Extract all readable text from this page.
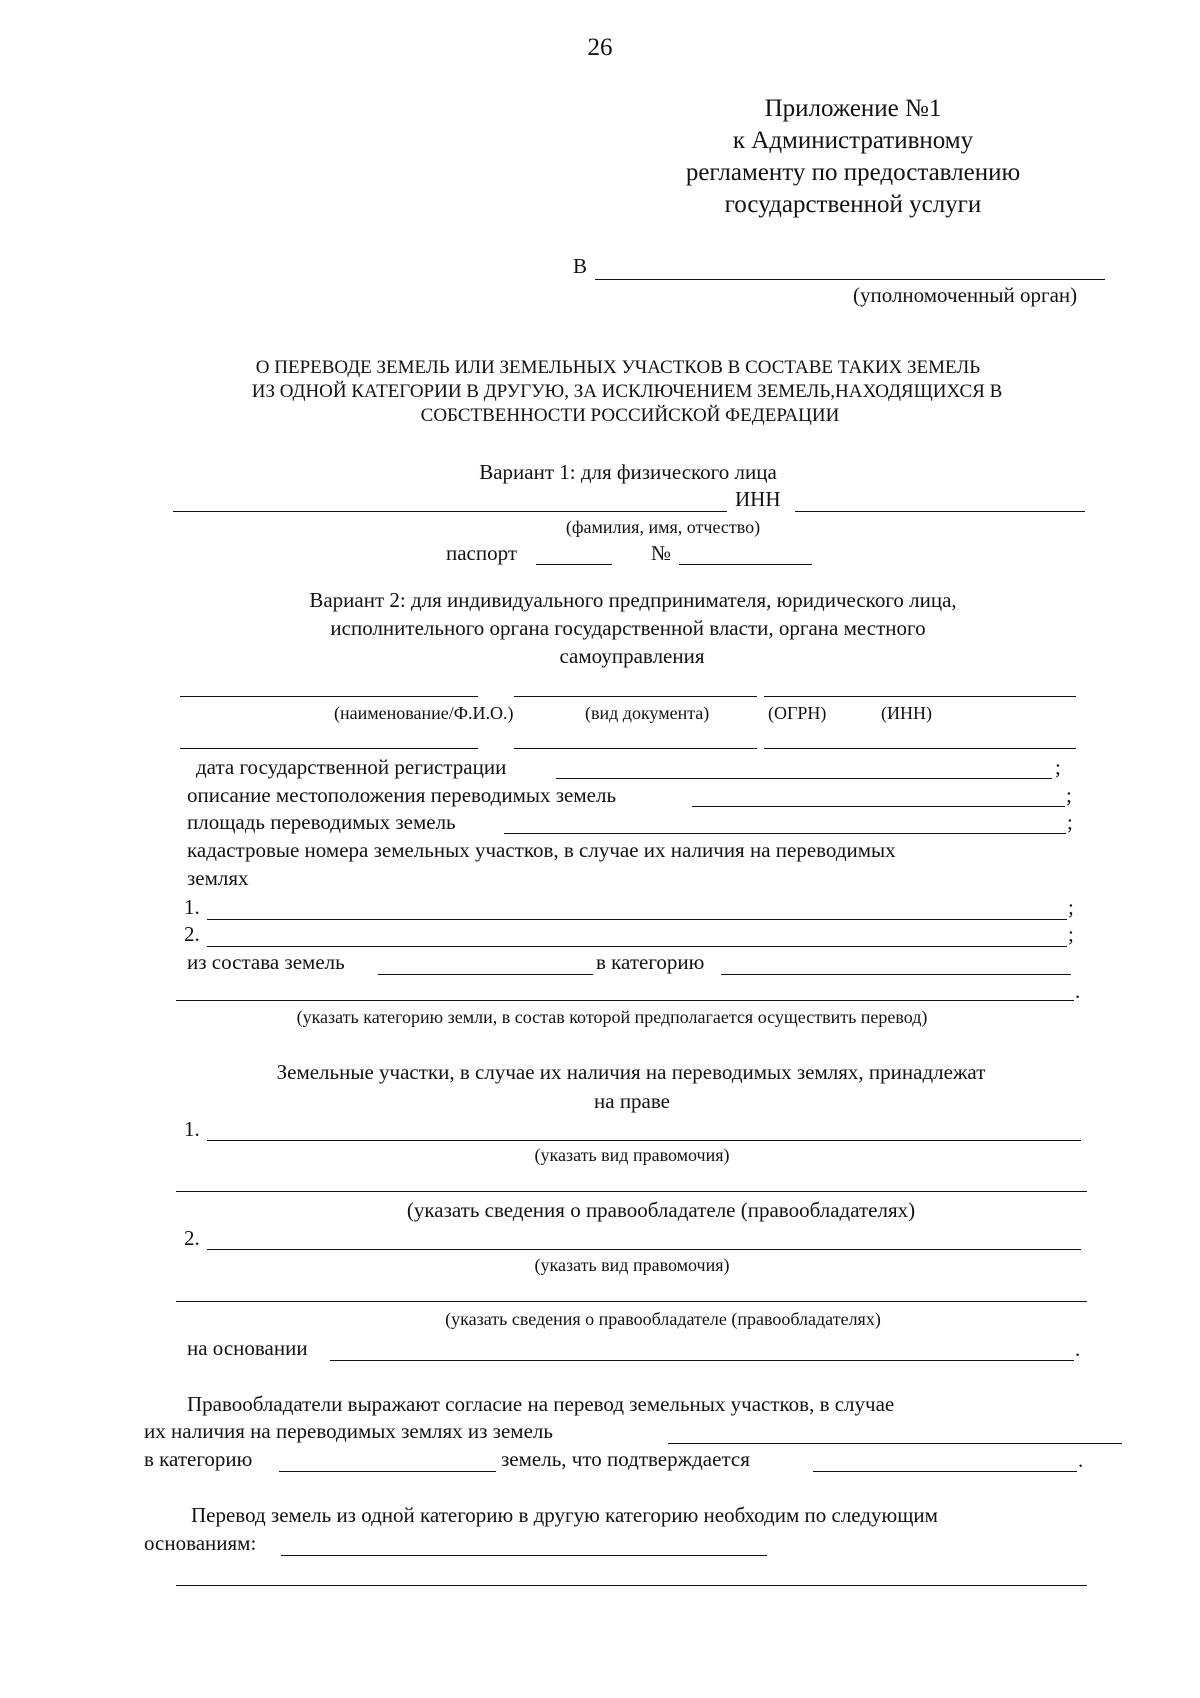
26
Приложение №1
к Административному
регламенту по предоставлению
государственной услуги
В
(уполномоченный орган)
О ПЕРЕВОДЕ ЗЕМЕЛЬ ИЛИ ЗЕМЕЛЬНЫХ УЧАСТКОВ В СОСТАВЕ ТАКИХ ЗЕМЕЛЬ
ИЗ ОДНОЙ КАТЕГОРИИ В ДРУГУЮ, ЗА ИСКЛЮЧЕНИЕМ ЗЕМЕЛЬ,НАХОДЯЩИХСЯ В
СОБСТВЕННОСТИ РОССИЙСКОЙ ФЕДЕРАЦИИ
Вариант 1: для физического лица
ИНН
(фамилия, имя, отчество)
паспорт	№
Вариант 2: для индивидуального предпринимателя, юридического лица,
исполнительного органа государственной власти, органа местного
самоуправления
(наименование/Ф.И.О.)	(вид документа)	(ОГРН)	(ИНН)
дата государственной регистрации	;
описание местоположения переводимых земель	;
площадь переводимых земель	;
кадастровые номера земельных участков, в случае их наличия на переводимых
землях
1.	;
2.	;
из состава земель	в категорию
.
(указать категорию земли, в состав которой предполагается осуществить перевод)
Земельные участки, в случае их наличия на переводимых землях, принадлежат
на праве
1.
(указать вид правомочия)
(указать сведения о правообладателе (правообладателях)
2.
(указать вид правомочия)
(указать сведения о правообладателе (правообладателях)
на основании	.
Правообладатели выражают согласие на перевод земельных участков, в случае
их наличия на переводимых землях из земель
в категорию	земель, что подтверждается	.
Перевод земель из одной категорию в другую категорию необходим по следующим
основаниям:
